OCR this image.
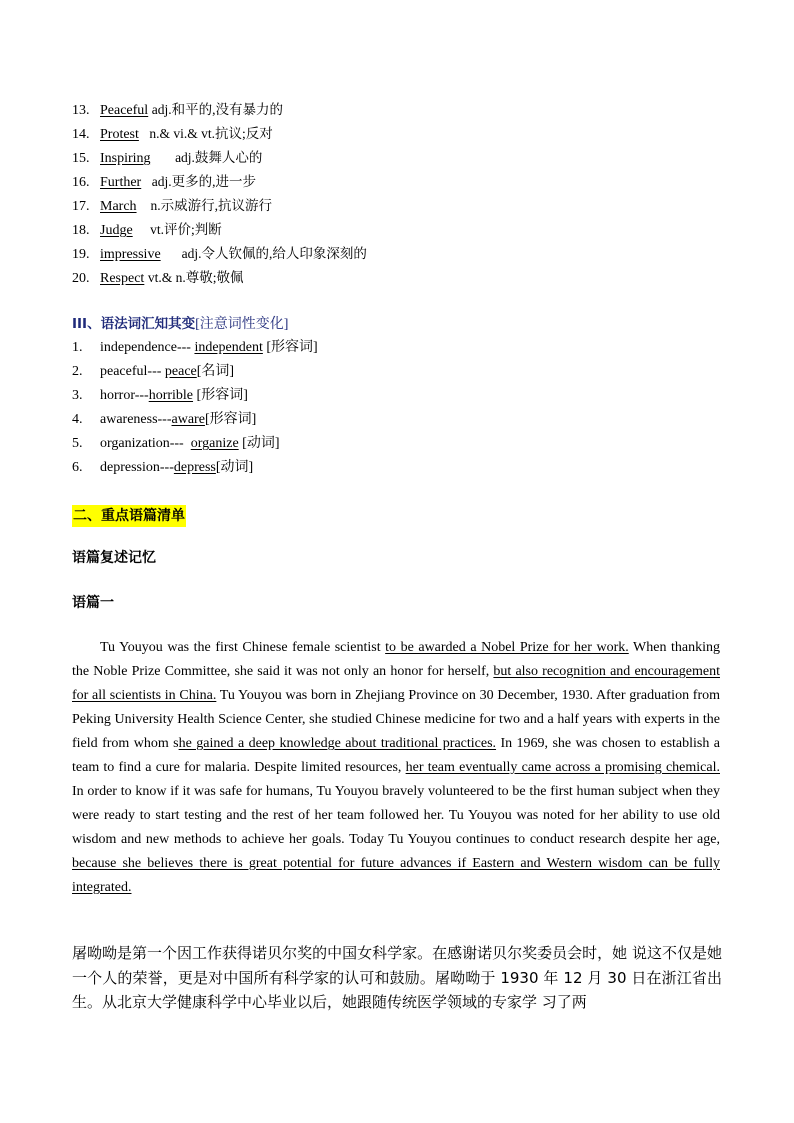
13. Peaceful adj.和平的,没有暴力的
14. Protest n.& vi.& vt.抗议;反对
15. Inspiring adj.鼓舞人心的
16. Further adj.更多的,进一步
17. March n.示威游行,抗议游行
18. Judge vt.评价;判断
19. impressive adj.令人钦佩的,给人印象深刻的
20. Respect vt.& n.尊敬;敬佩
III、语法词汇知其变[注意词性变化]
1. independence--- independent [形容词]
2. peaceful--- peace[名词]
3. horror---horrible [形容词]
4. awareness---aware[形容词]
5. organization---  organize [动词]
6. depression---depress[动词]
二、重点语篇清单
语篇复述记忆
语篇一

Tu Youyou was the first Chinese female scientist to be awarded a Nobel Prize for her work. When thanking the Noble Prize Committee, she said it was not only an honor for herself, but also recognition and encouragement for all scientists in China. Tu Youyou was born in Zhejiang Province on 30 December, 1930. After graduation from Peking University Health Science Center, she studied Chinese medicine for two and a half years with experts in the field from whom she gained a deep knowledge about traditional practices. In 1969, she was chosen to establish a team to find a cure for malaria. Despite limited resources, her team eventually came across a promising chemical. In order to know if it was safe for humans, Tu Youyou bravely volunteered to be the first human subject when they were ready to start testing and the rest of her team followed her. Tu Youyou was noted for her ability to use old wisdom and new methods to achieve her goals. Today Tu Youyou continues to conduct research despite her age, because she believes there is great potential for future advances if Eastern and Western wisdom can be fully integrated.

屠呦呦是第一个因工作获得诺贝尔奖的中国女科学家。在感谢诺贝尔奖委员会时，她 说这不仅是她一个人的荣誉，更是对中国所有科学家的认可和鼓励。屠呦呦于 1930 年 12 月 30 日在浙江省出生。从北京大学健康科学中心毕业以后，她跟随传统医学领域的专家学 习了两
